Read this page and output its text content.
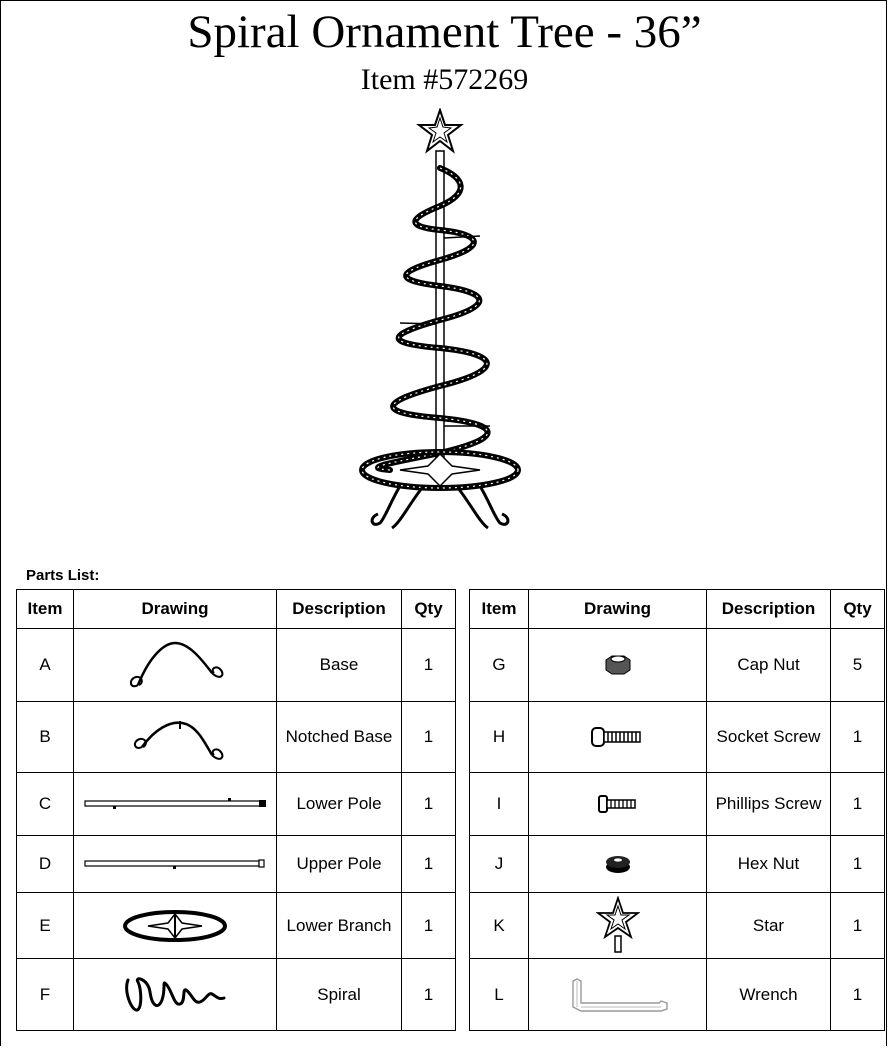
Spiral Ornament Tree - 36”
Item #572269
Parts List:
Item	Drawing	Description	Qty
A		Base	1
B		Notched Base	1
C		Lower Pole	1
D		Upper Pole	1
E		Lower Branch	1
F		Spiral	1
Item	Drawing	Description	Qty
G		Cap Nut	5
H		Socket Screw	1
I		Phillips Screw	1
J		Hex Nut	1
K		Star	1
L		Wrench	1
